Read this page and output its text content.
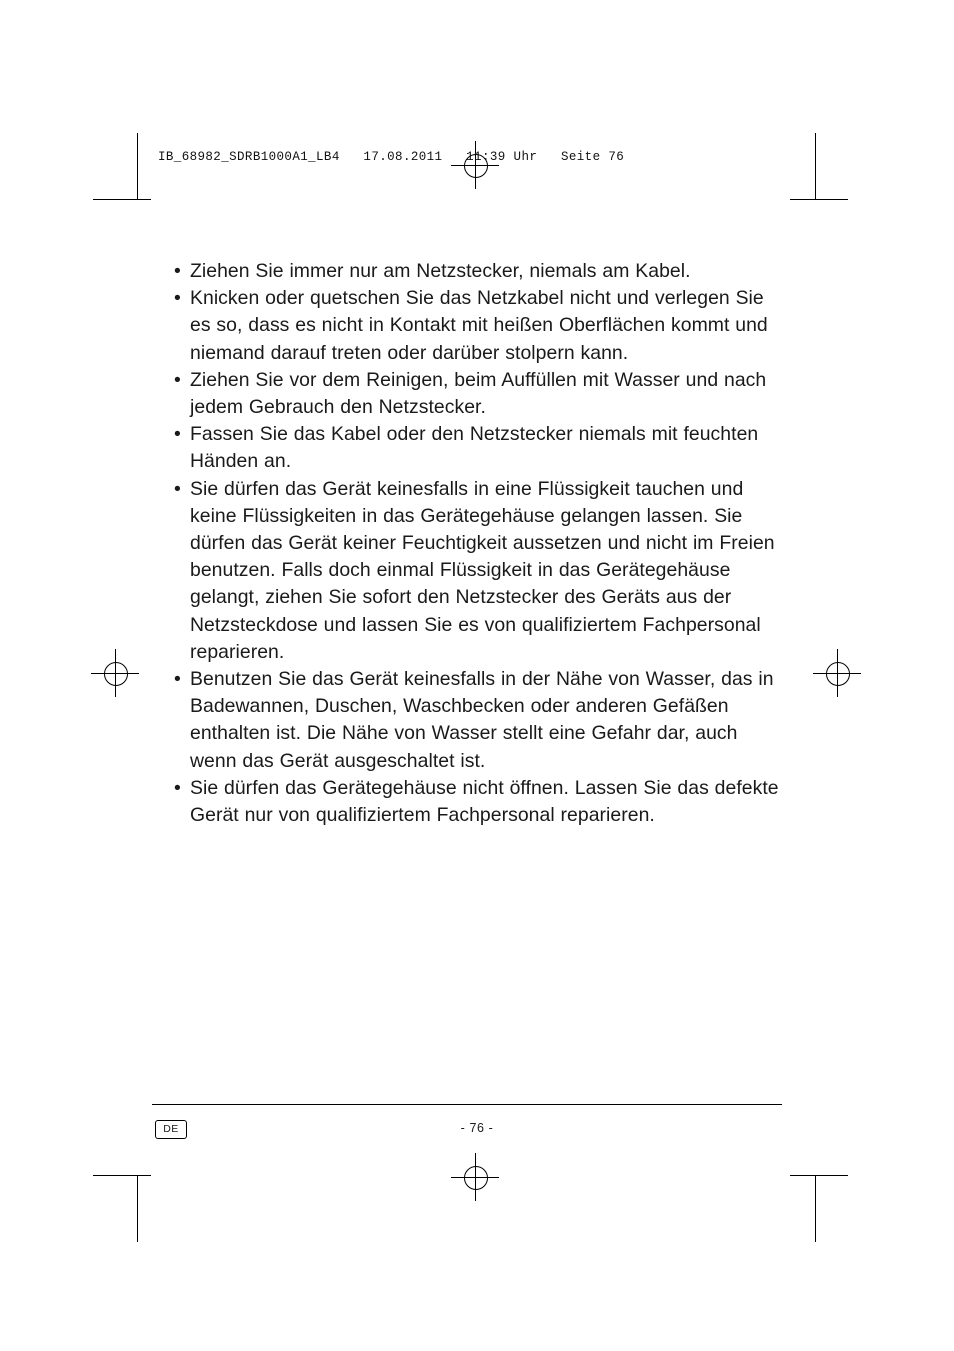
IB_68982_SDRB1000A1_LB4   17.08.2011   11:39 Uhr   Seite 76
• Ziehen Sie immer nur am Netzstecker, niemals am Kabel.
• Knicken oder quetschen Sie das Netzkabel nicht und verlegen Sie es so, dass es nicht in Kontakt mit heißen Oberflächen kommt und niemand darauf treten oder darüber stolpern kann.
• Ziehen Sie vor dem Reinigen, beim Auffüllen mit Wasser und nach jedem Gebrauch den Netzstecker.
• Fassen Sie das Kabel oder den Netzstecker niemals mit feuchten Händen an.
• Sie dürfen das Gerät keinesfalls in eine Flüssigkeit tauchen und keine Flüssigkeiten in das Gerätegehäuse gelangen lassen. Sie dürfen das Gerät keiner Feuchtigkeit aussetzen und nicht im Freien benutzen. Falls doch einmal Flüssigkeit in das Gerätegehäuse gelangt, ziehen Sie sofort den Netzstecker des Geräts aus der Netzsteckdose und lassen Sie es von qualifiziertem Fachpersonal reparieren.
• Benutzen Sie das Gerät keinesfalls in der Nähe von Wasser, das in Badewannen, Duschen, Waschbecken oder anderen Gefäßen enthalten ist. Die Nähe von Wasser stellt eine Gefahr dar, auch wenn das Gerät ausgeschaltet ist.
• Sie dürfen das Gerätegehäuse nicht öffnen. Lassen Sie das defekte Gerät nur von qualifiziertem Fachpersonal reparieren.
DE	- 76 -
